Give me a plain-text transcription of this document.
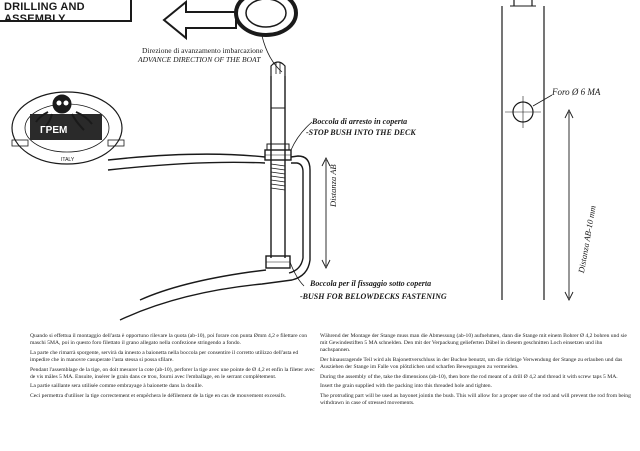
DRILLING AND ASSEMBLY
ГРЕМ
Direzione di avanzamento imbarcazione
ADVANCE DIRECTION OF THE BOAT
Boccola di arresto in coperta
-STOP BUSH INTO THE DECK
Boccola per il fissaggio sotto coperta
-BUSH FOR BELOWDECKS FASTENING
Foro Ø 6 MA
Distanza AB
Distanza AB-10 mm
ITALY

Quando si effettua il montaggio dell'asta è opportuno rilevare la quota (ab-10), poi forare con punta Ømm 4,2 e filettare con maschi 5MA, poi in questo foro filettato il grano allegato nella confezione stringendo a fondo.

La parte che rimarrà sporgente, servirà da innesto a baionetta nella boccola per consentire il corretto utilizzo dell'asta ed impedire che in manovre casuperate l'asta stessa si possa sfilare.

Pendant l'assemblage de la tige, on doit mesurer la cote (ab-10), perforer la tige avec une pointe de Ø 4,2 et enfin la fileter avec de vis mâles 5 MA. Ensuite, insérer le grain dans ce trou, fourni avec l'emballage, en le serrant complètement.

La partie saillante sera utilisée comme embrayage à baionette dans la douille.

Ceci permettra d'utiliser la tige correctement et empêchera le défilement de la tige en cas de mouvement excessifs.

Während der Montage der Stange muss man die Abmessung (ab-10) aufnehmen, dann die Stange mit einem Bohrer Ø 4,2 bohren und sie mit Gewindestiften 5 MA schnelden. Den mit der Verpackung gelieferten Dübel in diesem geschnitten Loch einsetzen und ihn nachspannen.

Der hinausragende Teil wird als Bajonettverschluss in der Buchse benutzt, um die richtige Verwendung der Stange zu erlauben und das Ausziehen der Stange im Falle von plötzlichen und scharfen Bewegungen zu vermeiden.

During the assembly of the, take the dimensions (ab-10), then bore the rod meant of a drill Ø 4,2 and thread it with screw taps 5 MA.

Insert the grain supplied with the packing into this threaded hole and tighten.

The protruding part will be used as bayonet jointin the bush. This will allow for a proper use of the rod and will prevent the rod from being withdrawn in case of stressed movements.
